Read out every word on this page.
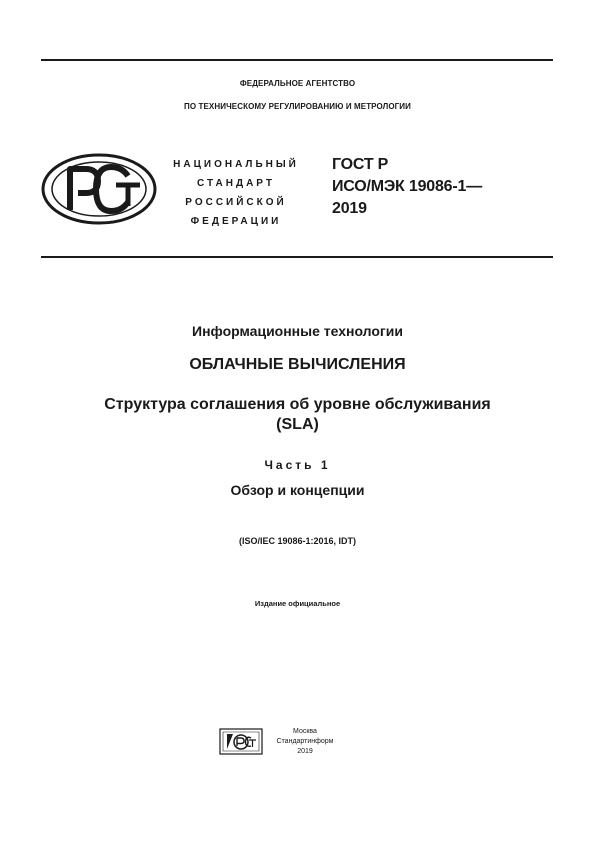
ФЕДЕРАЛЬНОЕ АГЕНТСТВО
ПО ТЕХНИЧЕСКОМУ РЕГУЛИРОВАНИЮ И МЕТРОЛОГИИ
НАЦИОНАЛЬНЫЙ
СТАНДАРТ
РОССИЙСКОЙ
ФЕДЕРАЦИИ
ГОСТ Р
ИСО/МЭК 19086-1—
2019
Информационные технологии
ОБЛАЧНЫЕ ВЫЧИСЛЕНИЯ
Структура соглашения об уровне обслуживания
(SLA)
Часть 1
Обзор и концепции
(ISO/IEC 19086-1:2016, IDT)
Издание официальное
Москва
Стандартинформ
2019
